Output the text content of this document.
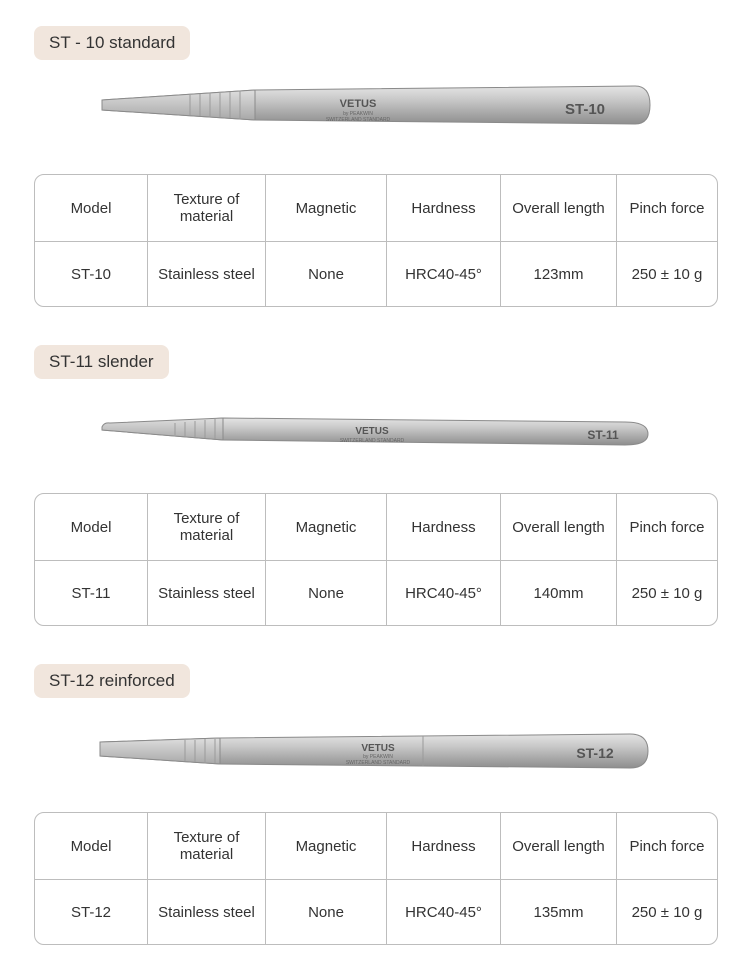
ST - 10 standard
VETUS
by PEAKWIN
SWITZERLAND STANDARD
ST-10
Model	Texture of material	Magnetic	Hardness	Overall length	Pinch force
ST-10	Stainless steel	None	HRC40-45°	123mm	250 ± 10 g
ST-11 slender
VETUS
SWITZERLAND STANDARD	ST-11
Model	Texture of material	Magnetic	Hardness	Overall length	Pinch force
ST-11	Stainless steel	None	HRC40-45°	140mm	250 ± 10 g
ST-12 reinforced
VETUS
by PEAKWIN
SWITZERLAND STANDARD
ST-12
Model	Texture of material	Magnetic	Hardness	Overall length	Pinch force
ST-12	Stainless steel	None	HRC40-45°	135mm	250 ± 10 g
